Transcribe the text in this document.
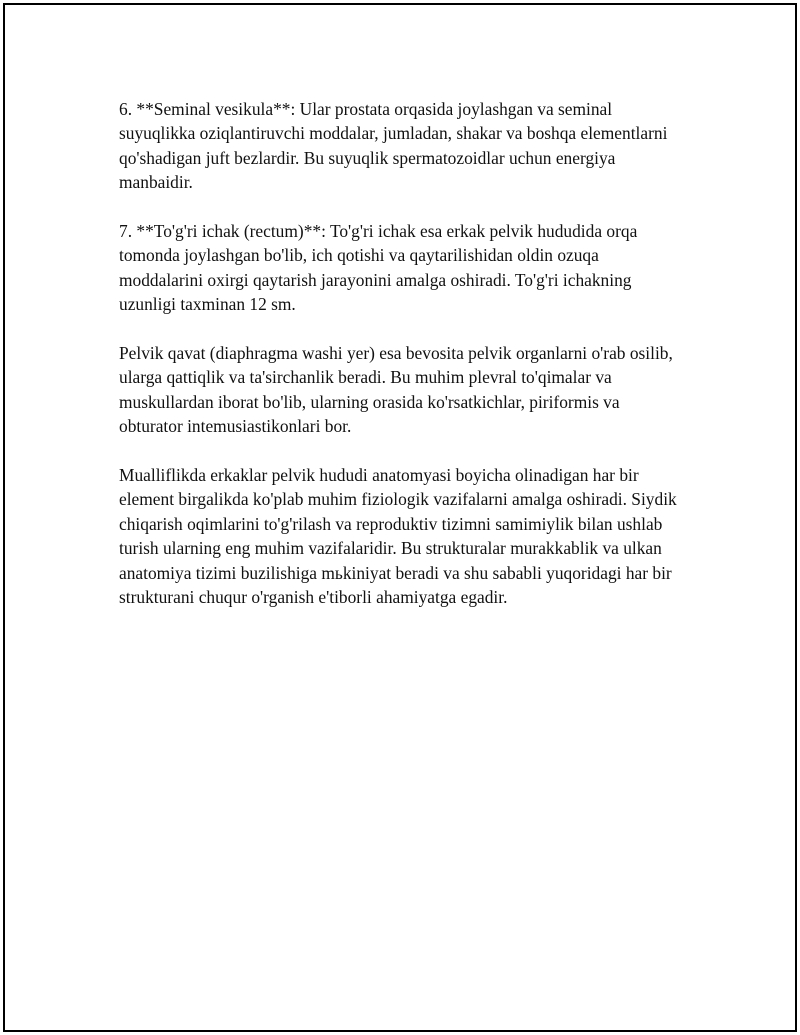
6. **Seminal vesikula**: Ular prostata orqasida joylashgan va seminal suyuqlikka oziqlantiruvchi moddalar, jumladan, shakar va boshqa elementlarni qo'shadigan juft bezlardir. Bu suyuqlik spermatozoidlar uchun energiya manbaidir.

7. **To'g'ri ichak (rectum)**: To'g'ri ichak esa erkak pelvik hududida orqa tomonda joylashgan bo'lib, ich qotishi va qaytarilishidan oldin ozuqa moddalarini oxirgi qaytarish jarayonini amalga oshiradi. To'g'ri ichakning uzunligi taxminan 12 sm.

Pelvik qavat (diaphragma washi yer) esa bevosita pelvik organlarni o'rab osilib, ularga qattiqlik va ta'sirchanlik beradi. Bu muhim plevral to'qimalar va muskullardan iborat bo'lib, ularning orasida ko'rsatkichlar, piriformis va obturator intemusiastikonlari bor.

Mualliflikda erkaklar pelvik hududi anatomyasi boyicha olinadigan har bir element birgalikda ko'plab muhim fiziologik vazifalarni amalga oshiradi. Siydik chiqarish oqimlarini to'g'rilash va reproduktiv tizimni samimiylik bilan ushlab turish ularning eng muhim vazifalaridir. Bu strukturalar murakkablik va ulkan anatomiya tizimi buzilishiga mьkiniyat beradi va shu sababli yuqoridagi har bir strukturani chuqur o'rganish e'tiborli ahamiyatga egadir.
